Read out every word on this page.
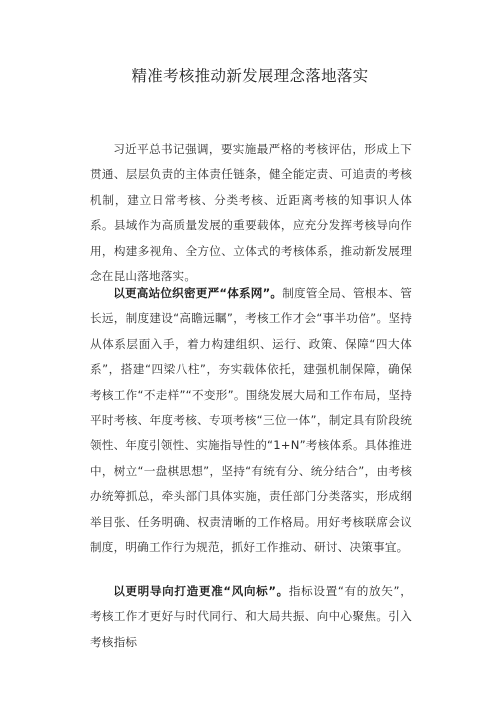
精准考核推动新发展理念落地落实

习近平总书记强调，要实施最严格的考核评估，形成上下贯通、层层负责的主体责任链条，健全能定责、可追责的考核机制，建立日常考核、分类考核、近距离考核的知事识人体系。县域作为高质量发展的重要载体，应充分发挥考核导向作用，构建多视角、全方位、立体式的考核体系，推动新发展理念在昆山落地落实。

以更高站位织密更严“体系网”。制度管全局、管根本、管长远，制度建设“高瞻远瞩”，考核工作才会“事半功倍”。坚持从体系层面入手，着力构建组织、运行、政策、保障“四大体系”，搭建“四梁八柱”，夯实载体依托，建强机制保障，确保考核工作“不走样”“不变形”。围绕发展大局和工作布局，坚持平时考核、年度考核、专项考核“三位一体”，制定具有阶段统领性、年度引领性、实施指导性的“1+N”考核体系。具体推进中，树立“一盘棋思想”，坚持“有统有分、统分结合”，由考核办统筹抓总，牵头部门具体实施，责任部门分类落实，形成纲举目张、任务明确、权责清晰的工作格局。用好考核联席会议制度，明确工作行为规范，抓好工作推动、研讨、决策事宜。

以更明导向打造更准“风向标”。指标设置“有的放矢”，考核工作才更好与时代同行、和大局共振、向中心聚焦。引入考核指标
